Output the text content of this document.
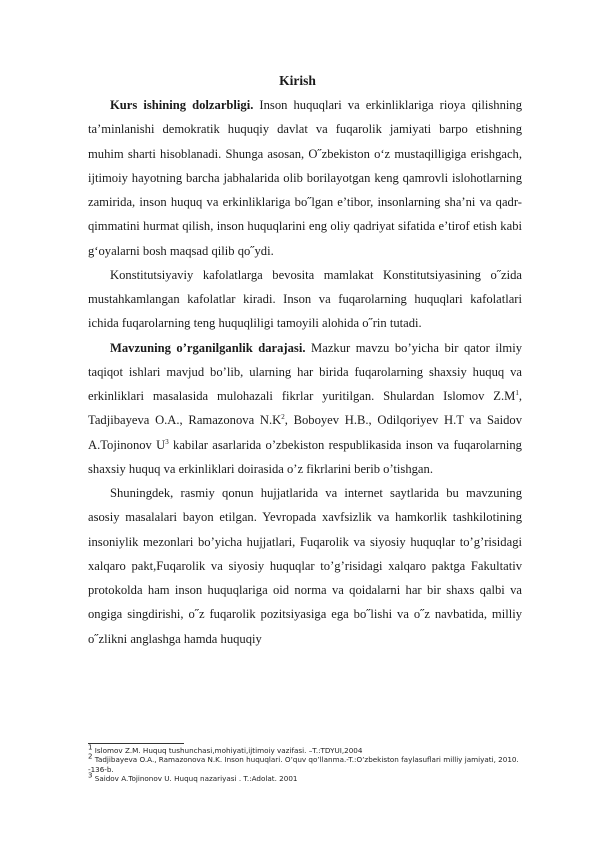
Kirish

Kurs ishining dolzarbligi. Inson huquqlari va erkinliklariga rioya qilishning ta’minlanishi demokratik huquqiy davlat va fuqarolik jamiyati barpo etishning muhim sharti hisoblanadi. Shunga asosan, O˝zbekiston o‘z mustaqilligiga erishgach, ijtimoiy hayotning barcha jabhalarida olib borilayotgan keng qamrovli islohotlarning zamirida, inson huquq va erkinliklariga bo˝lgan e’tibor, insonlarning sha’ni va qadr-qimmatini hurmat qilish, inson huquqlarini eng oliy qadriyat sifatida e’tirof etish kabi g‘oyalarni bosh maqsad qilib qo˝ydi.

Konstitutsiyaviy kafolatlarga bevosita mamlakat Konstitutsiyasining o˝zida mustahkamlangan kafolatlar kiradi. Inson va fuqarolarning huquqlari kafolatlari ichida fuqarolarning teng huquqliligi tamoyili alohida o˝rin tutadi.

Mavzuning o’rganilganlik darajasi. Mazkur mavzu bo’yicha bir qator ilmiy taqiqot ishlari mavjud bo’lib, ularning har birida fuqarolarning shaxsiy huquq va erkinliklari masalasida mulohazali fikrlar yuritilgan. Shulardan Islomov $Z.M^1$, Tadjibayeva O.A., Ramazonova $N.K^2$, Boboyev H.B., Odilqoriyev H.T va Saidov A.Tojinonov $U^3$ kabilar asarlarida o’zbekiston respublikasida inson va fuqarolarning shaxsiy huquq va erkinliklari doirasida o’z fikrlarini berib o’tishgan.

Shuningdek, rasmiy qonun hujjatlarida va internet saytlarida bu mavzuning asosiy masalalari bayon etilgan. Yevropada xavfsizlik va hamkorlik tashkilotining insoniylik mezonlari bo’yicha hujjatlari, Fuqarolik va siyosiy huquqlar to’g’risidagi xalqaro pakt,Fuqarolik va siyosiy huquqlar to’g’risidagi xalqaro paktga Fakultativ protokolda ham inson huquqlariga oid norma va qoidalarni har bir shaxs qalbi va ongiga singdirishi, o˝z fuqarolik pozitsiyasiga ega bo˝lishi va o˝z navbatida, milliy o˝zlikni anglashga hamda huquqiy

$^1$ Islomov Z.M. Huquq tushunchasi,mohiyati,ijtimoiy vazifasi. –T.:TDYUI,2004

$^2$ Tadjibayeva O.A., Ramazonova N.K. Inson huquqlari. O’quv qo’llanma.-T.:O’zbekiston faylasuflari milliy jamiyati, 2010. -136-b.

$^3$ Saidov A.Tojinonov U. Huquq nazariyasi . T.:Adolat. 2001
